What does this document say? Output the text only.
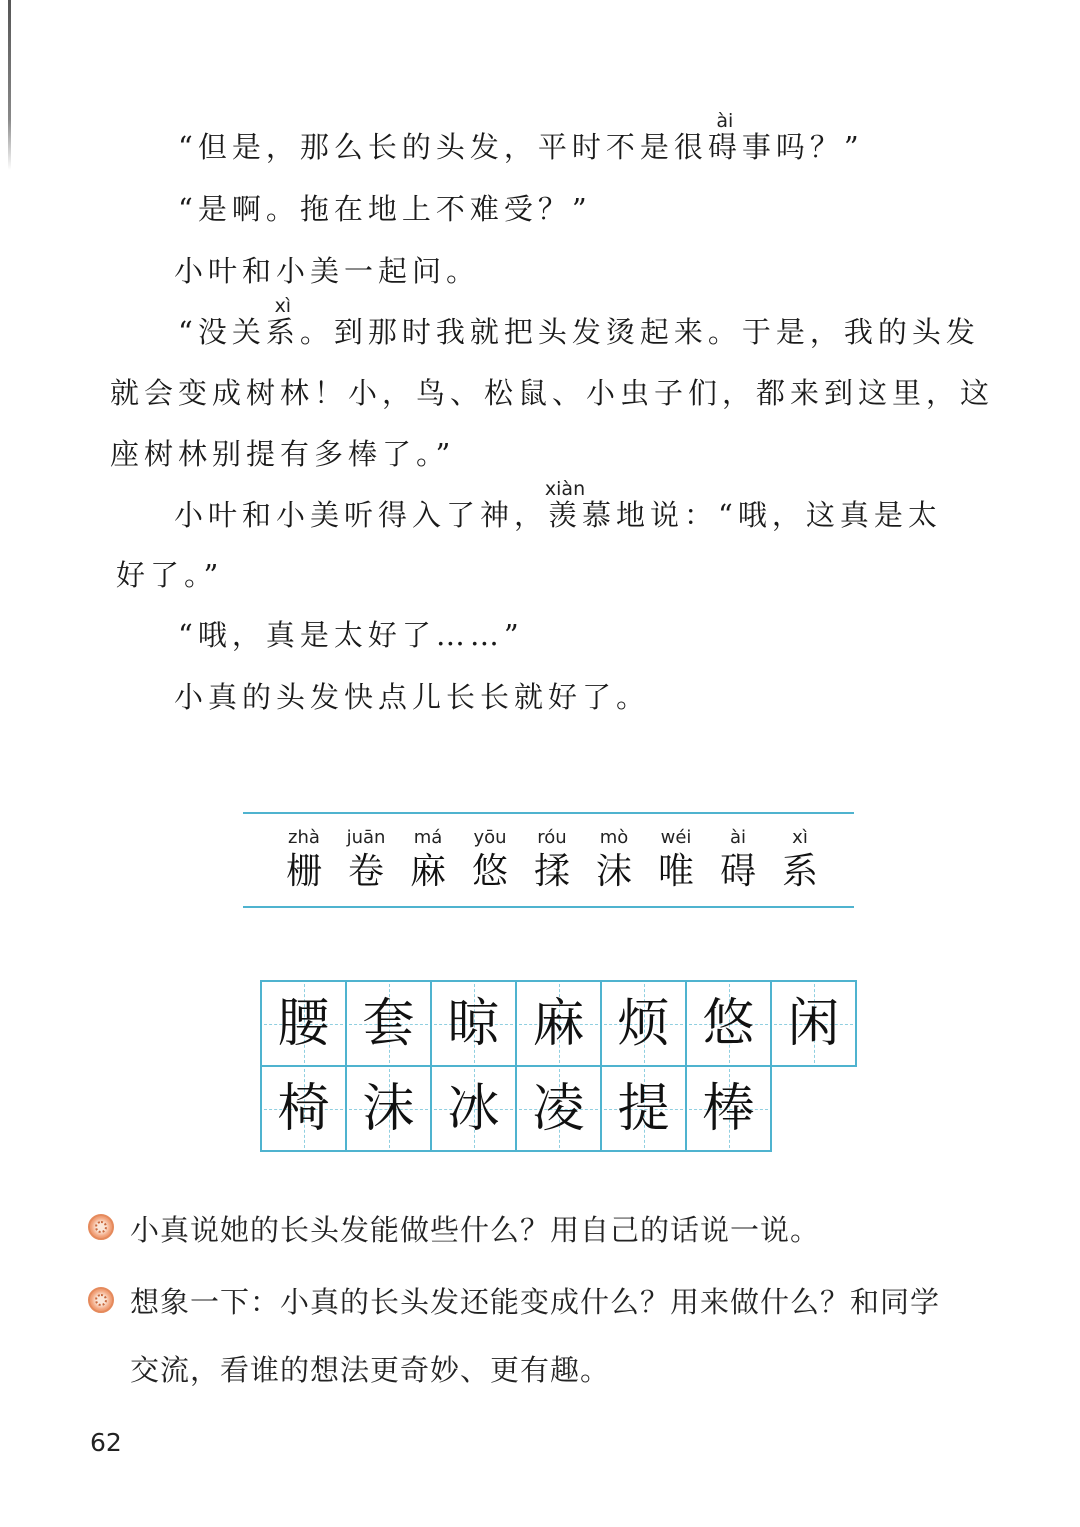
“但是，那么长的头发，平时不是很
ài
碍事吗？”
“是啊。拖在地上不难受？”
小叶和小美一起问。
“没关
xì
系。到那时我就把头发烫起来。于是，我的头发
就会变成树林！小，鸟、松鼠、小虫子们，都来到这里，这
座树林别提有多棒了。”
小叶和小美听得入了神，
xiàn
羡慕地说：“哦，这真是太
好了。”
“哦，真是太好了……”
小真的头发快点儿长长就好了。
zhà
栅
juān
卷
má
麻
yōu
悠
róu
揉
mò
沫
wéi
唯
ài
碍
xì
系
腰 套 晾 麻 烦 悠 闲
椅 沫 冰 凌 提 棒
小真说她的长头发能做些什么？用自己的话说一说。
想象一下：小真的长头发还能变成什么？用来做什么？和同学
交流，看谁的想法更奇妙、更有趣。
62
